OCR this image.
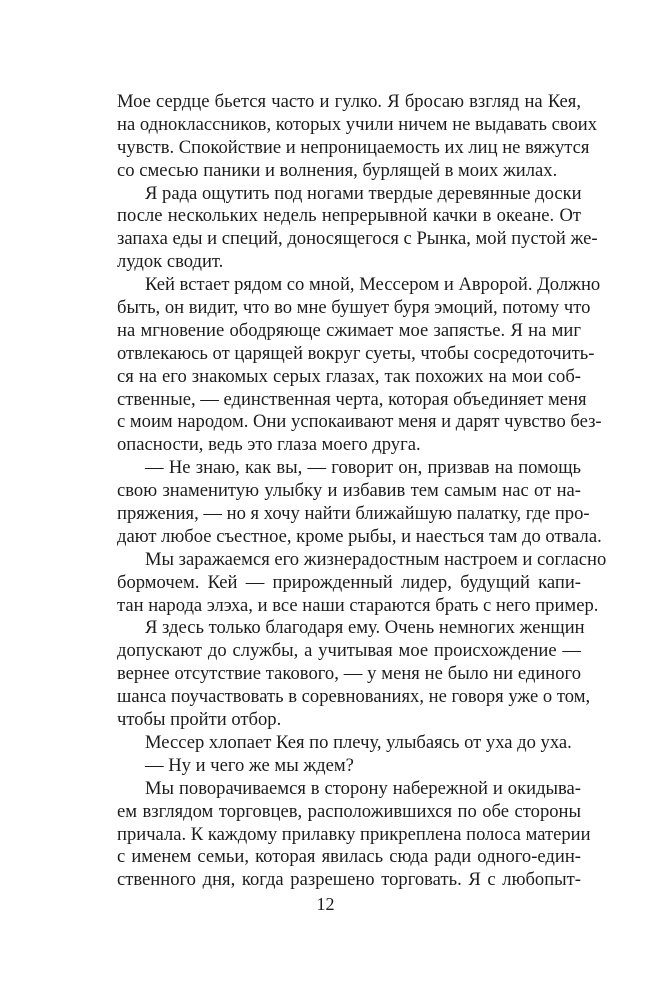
Мое сердце бьется часто и гулко. Я бросаю взгляд на Кея,
на одноклассников, которых учили ничем не выдавать своих
чувств. Спокойствие и непроницаемость их лиц не вяжутся
со смесью паники и волнения, бурлящей в моих жилах.
Я рада ощутить под ногами твердые деревянные доски
после нескольких недель непрерывной качки в океане. От
запаха еды и специй, доносящегося с Рынка, мой пустой же-
лудок сводит.
Кей встает рядом со мной, Мессером и Авророй. Должно
быть, он видит, что во мне бушует буря эмоций, потому что
на мгновение ободряюще сжимает мое запястье. Я на миг
отвлекаюсь от царящей вокруг суеты, чтобы сосредоточить-
ся на его знакомых серых глазах, так похожих на мои соб-
ственные, — единственная черта, которая объединяет меня
с моим народом. Они успокаивают меня и дарят чувство без-
опасности, ведь это глаза моего друга.
— Не знаю, как вы, — говорит он, призвав на помощь
свою знаменитую улыбку и избавив тем самым нас от на-
пряжения, — но я хочу найти ближайшую палатку, где про-
дают любое съестное, кроме рыбы, и наесться там до отвала.
Мы заражаемся его жизнерадостным настроем и согласно
бормочем. Кей — прирожденный лидер, будущий капи-
тан народа элэха, и все наши стараются брать с него пример.
Я здесь только благодаря ему. Очень немногих женщин
допускают до службы, а учитывая мое происхождение —
вернее отсутствие такового, — у меня не было ни единого
шанса поучаствовать в соревнованиях, не говоря уже о том,
чтобы пройти отбор.
Мессер хлопает Кея по плечу, улыбаясь от уха до уха.
— Ну и чего же мы ждем?
Мы поворачиваемся в сторону набережной и окидыва-
ем взглядом торговцев, расположившихся по обе стороны
причала. К каждому прилавку прикреплена полоса материи
с именем семьи, которая явилась сюда ради одного-един-
ственного дня, когда разрешено торговать. Я с любопыт-
12
